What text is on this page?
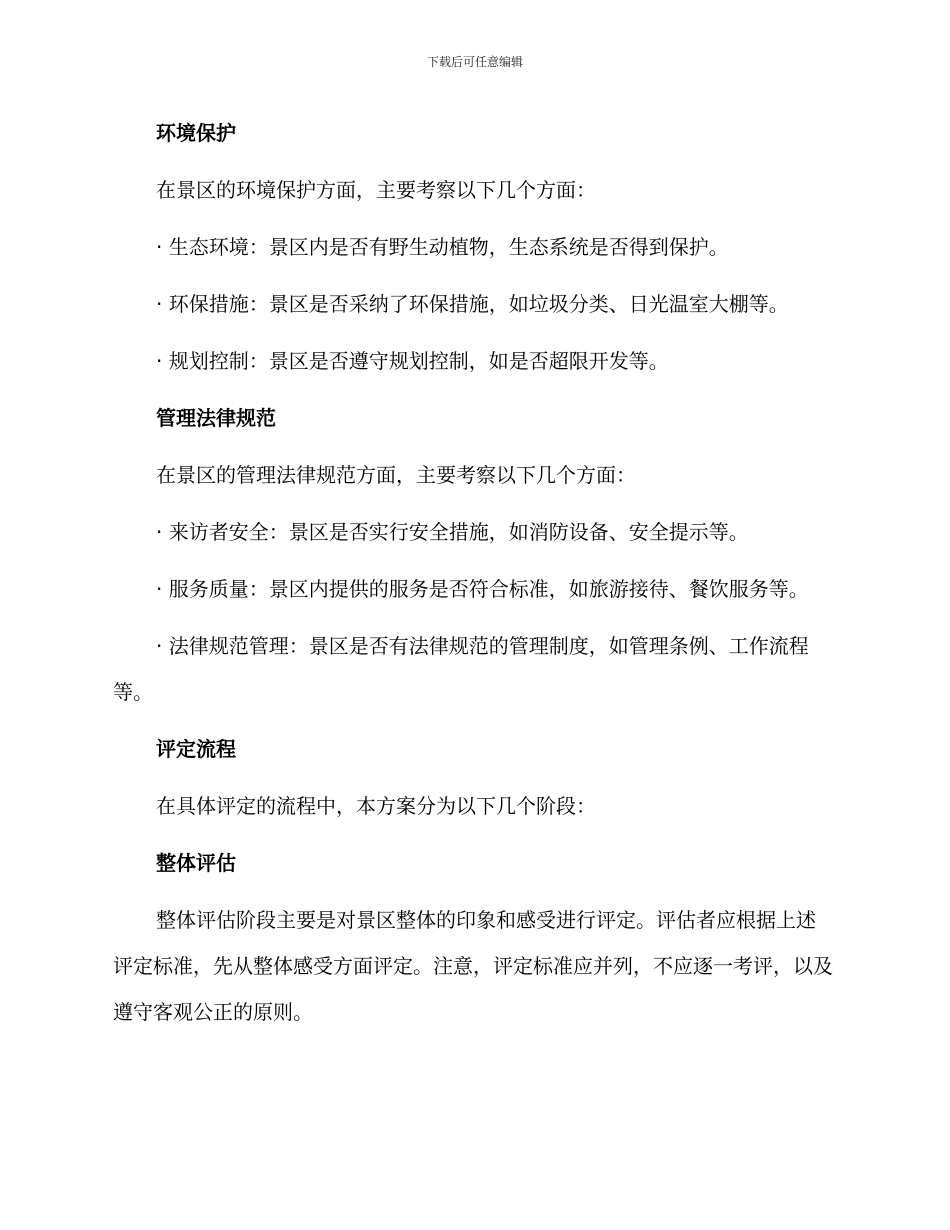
下载后可任意编辑

环境保护

在景区的环境保护方面，主要考察以下几个方面：

· 生态环境：景区内是否有野生动植物，生态系统是否得到保护。

· 环保措施：景区是否采纳了环保措施，如垃圾分类、日光温室大棚等。

· 规划控制：景区是否遵守规划控制，如是否超限开发等。

管理法律规范

在景区的管理法律规范方面，主要考察以下几个方面：

· 来访者安全：景区是否实行安全措施，如消防设备、安全提示等。

· 服务质量：景区内提供的服务是否符合标准，如旅游接待、餐饮服务等。

· 法律规范管理：景区是否有法律规范的管理制度，如管理条例、工作流程等。

评定流程

在具体评定的流程中，本方案分为以下几个阶段：

整体评估

整体评估阶段主要是对景区整体的印象和感受进行评定。评估者应根据上述评定标准，先从整体感受方面评定。注意，评定标准应并列，不应逐一考评，以及遵守客观公正的原则。
